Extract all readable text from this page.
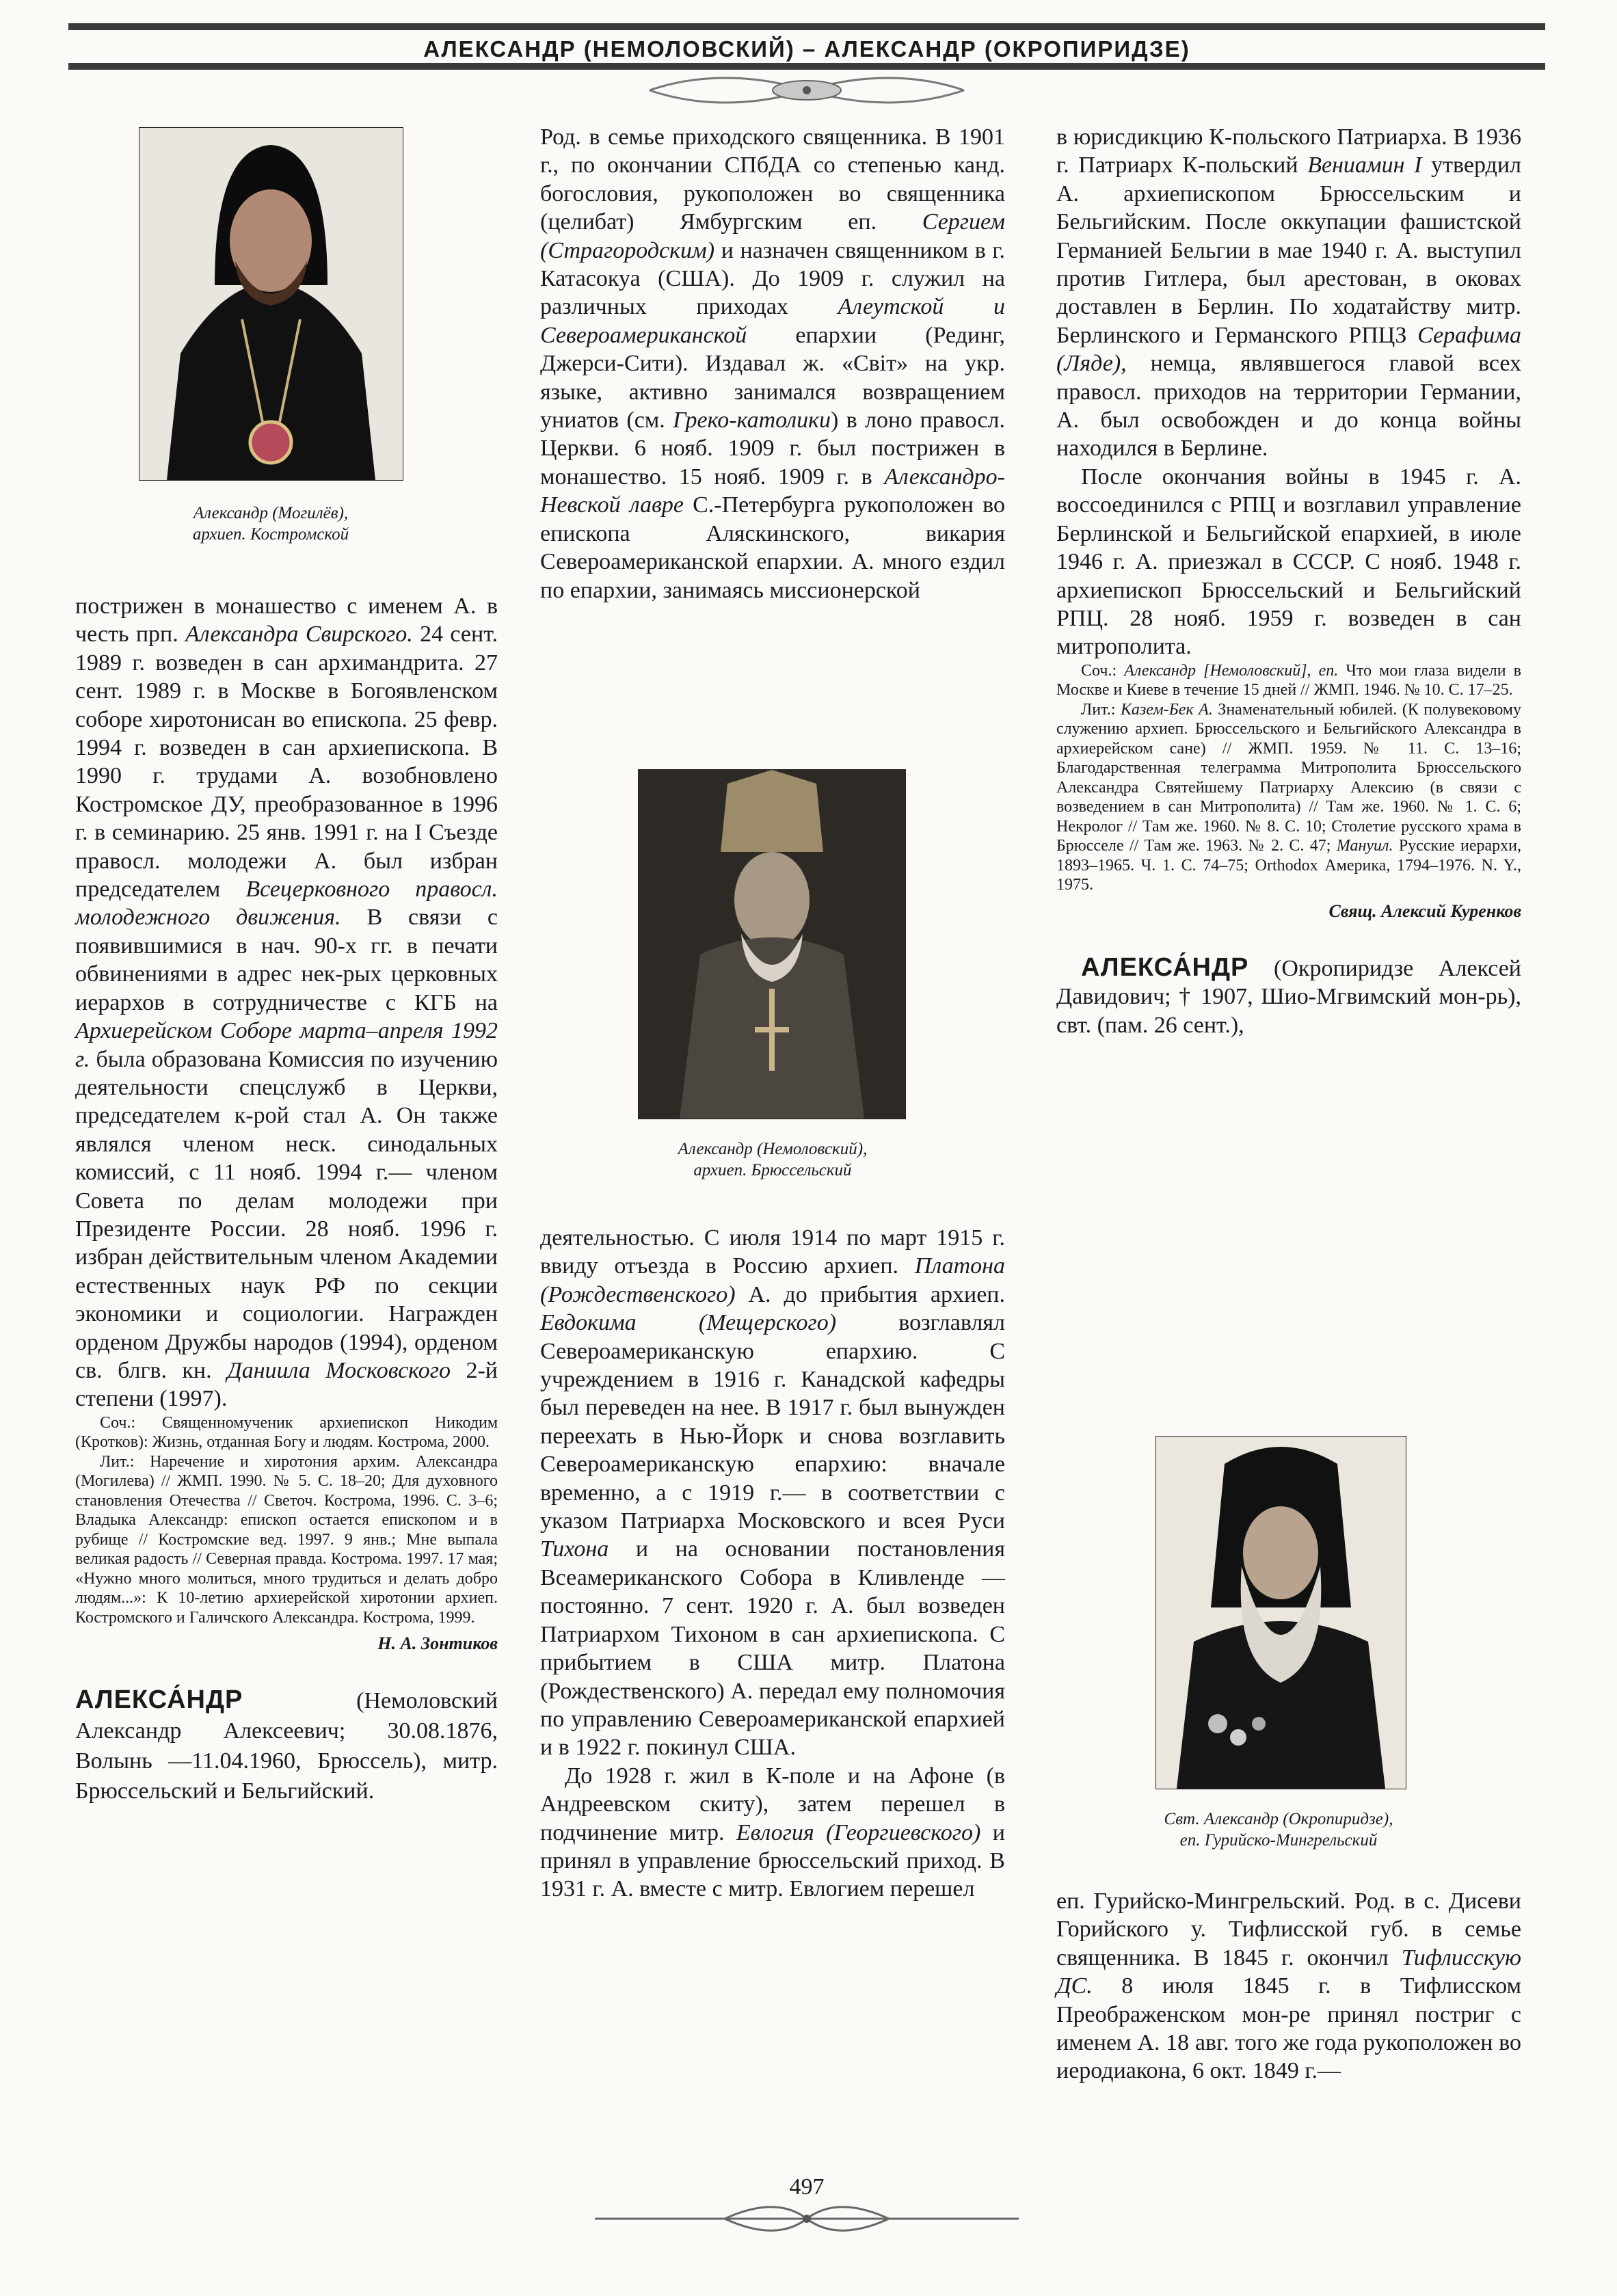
АЛЕКСАНДР (НЕМОЛОВСКИЙ) – АЛЕКСАНДР (ОКРОПИРИДЗЕ)
Александр (Могилёв),
архиеп. Костромской

пострижен в монашество с именем А. в честь прп. Александра Свирского. 24 сент. 1989 г. возведен в сан архимандрита. 27 сент. 1989 г. в Москве в Богоявленском соборе хиротонисан во епископа. 25 февр. 1994 г. возведен в сан архиепископа. В 1990 г. трудами А. возобновлено Костромское ДУ, преобразованное в 1996 г. в семинарию. 25 янв. 1991 г. на I Съезде правосл. молодежи А. был избран председателем Всецерковного правосл. молодежного движения. В связи с появившимися в нач. 90-х гг. в печати обвинениями в адрес нек-рых церковных иерархов в сотрудничестве с КГБ на Архиерейском Соборе марта–апреля 1992 г. была образована Комиссия по изучению деятельности спецслужб в Церкви, председателем к-рой стал А. Он также являлся членом неск. синодальных комиссий, с 11 нояб. 1994 г.— членом Совета по делам молодежи при Президенте России. 28 нояб. 1996 г. избран действительным членом Академии естественных наук РФ по секции экономики и социологии. Награжден орденом Дружбы народов (1994), орденом св. блгв. кн. Даниила Московского 2-й степени (1997).

Соч.: Священномученик архиепископ Никодим (Кротков): Жизнь, отданная Богу и людям. Кострома, 2000.

Лит.: Наречение и хиротония архим. Александра (Могилева) // ЖМП. 1990. № 5. С. 18–20; Для духовного становления Отечества // Светоч. Кострома, 1996. С. 3–6; Владыка Александр: епископ остается епископом и в рубище // Костромские вед. 1997. 9 янв.; Мне выпала великая радость // Северная правда. Кострома. 1997. 17 мая; «Нужно много молиться, много трудиться и делать добро людям...»: К 10-летию архиерейской хиротонии архиеп. Костромского и Галичского Александра. Кострома, 1999.

Н. А. Зонтиков

АЛЕКСА́НДР (Немоловский Александр Алексеевич; 30.08.1876, Волынь —11.04.1960, Брюссель), митр. Брюссельский и Бельгийский.

Род. в семье приходского священника. В 1901 г., по окончании СПбДА со степенью канд. богословия, рукоположен во священника (целибат) Ямбургским еп. Сергием (Страгородским) и назначен священником в г. Катасокуа (США). До 1909 г. служил на различных приходах Алеутской и Североамериканской епархии (Рединг, Джерси-Сити). Издавал ж. «Світ» на укр. языке, активно занимался возвращением униатов (см. Греко-католики) в лоно правосл. Церкви. 6 нояб. 1909 г. был пострижен в монашество. 15 нояб. 1909 г. в Александро-Невской лавре С.-Петербурга рукоположен во епископа Аляскинского, викария Североамериканской епархии. А. много ездил по епархии, занимаясь миссионерской

Александр (Немоловский),
архиеп. Брюссельский

деятельностью. С июля 1914 по март 1915 г. ввиду отъезда в Россию архиеп. Платона (Рождественского) А. до прибытия архиеп. Евдокима (Мещерского) возглавлял Североамериканскую епархию. С учреждением в 1916 г. Канадской кафедры был переведен на нее. В 1917 г. был вынужден переехать в Нью-Йорк и снова возглавить Североамериканскую епархию: вначале временно, а с 1919 г.— в соответствии с указом Патриарха Московского и всея Руси Тихона и на основании постановления Всеамериканского Собора в Кливленде — постоянно. 7 сент. 1920 г. А. был возведен Патриархом Тихоном в сан архиепископа. С прибытием в США митр. Платона (Рождественского) А. передал ему полномочия по управлению Североамериканской епархией и в 1922 г. покинул США.

До 1928 г. жил в К-поле и на Афоне (в Андреевском скиту), затем перешел в подчинение митр. Евлогия (Георгиевского) и принял в управление брюссельский приход. В 1931 г. А. вместе с митр. Евлогием перешел

в юрисдикцию К-польского Патриарха. В 1936 г. Патриарх К-польский Вениамин I утвердил А. архиепископом Брюссельским и Бельгийским. После оккупации фашистской Германией Бельгии в мае 1940 г. А. выступил против Гитлера, был арестован, в оковах доставлен в Берлин. По ходатайству митр. Берлинского и Германского РПЦЗ Серафима (Ляде), немца, являвшегося главой всех правосл. приходов на территории Германии, А. был освобожден и до конца войны находился в Берлине.

После окончания войны в 1945 г. А. воссоединился с РПЦ и возглавил управление Берлинской и Бельгийской епархией, в июле 1946 г. А. приезжал в СССР. С нояб. 1948 г. архиепископ Брюссельский и Бельгийский РПЦ. 28 нояб. 1959 г. возведен в сан митрополита.

Соч.: Александр [Немоловский], еп. Что мои глаза видели в Москве и Киеве в течение 15 дней // ЖМП. 1946. № 10. С. 17–25.

Лит.: Казем-Бек А. Знаменательный юбилей. (К полувековому служению архиеп. Брюссельского и Бельгийского Александра в архиерейском сане) // ЖМП. 1959. № 11. С. 13–16; Благодарственная телеграмма Митрополита Брюссельского Александра Святейшему Патриарху Алексию (в связи с возведением в сан Митрополита) // Там же. 1960. № 1. С. 6; Некролог // Там же. 1960. № 8. С. 10; Столетие русского храма в Брюсселе // Там же. 1963. № 2. С. 47; Мануил. Русские иерархи, 1893–1965. Ч. 1. С. 74–75; Orthodox Америка, 1794–1976. N. Y., 1975.

Свящ. Алексий Куренков

АЛЕКСА́НДР (Окропиридзе Алексей Давидович; † 1907, Шио-Мгвимский мон-рь), свт. (пам. 26 сент.),

Свт. Александр (Окропиридзе),
еп. Гурийско-Мингрельский

еп. Гурийско-Мингрельский. Род. в с. Дисеви Горийского у. Тифлисской губ. в семье священника. В 1845 г. окончил Тифлисскую ДС. 8 июля 1845 г. в Тифлисском Преображенском мон-ре принял постриг с именем А. 18 авг. того же года рукоположен во иеродиакона, 6 окт. 1849 г.—

497
